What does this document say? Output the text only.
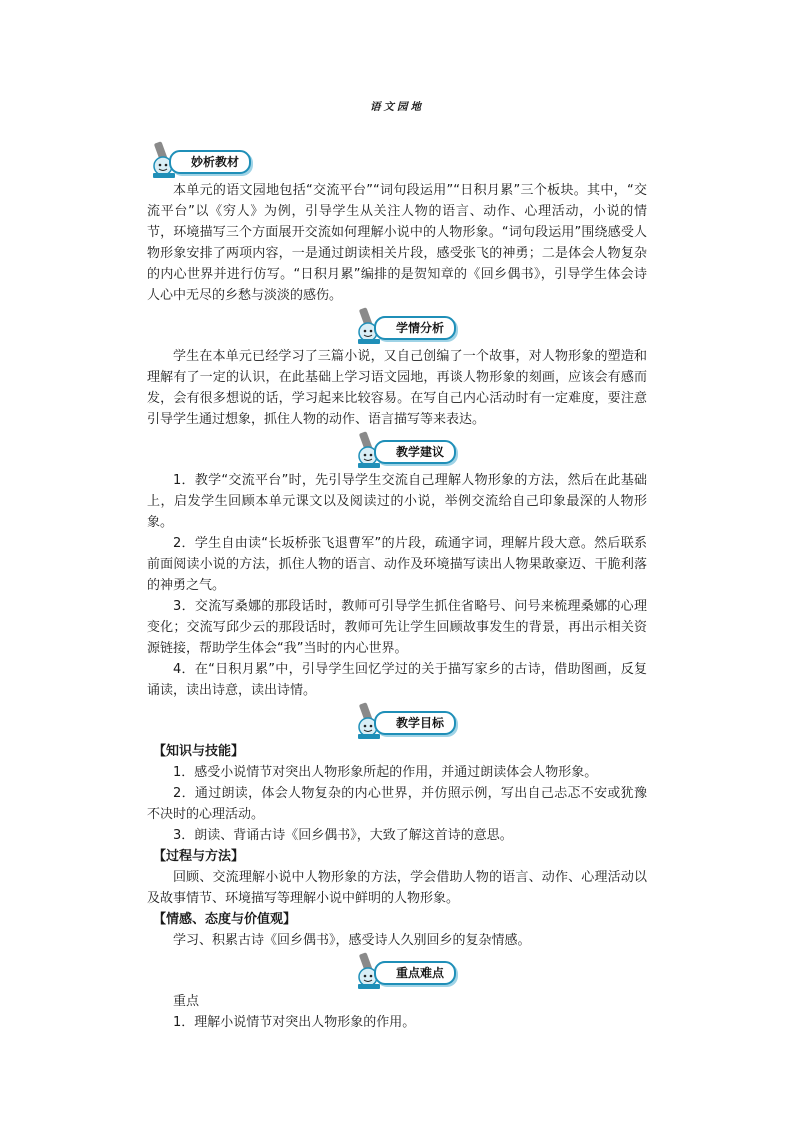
语文园地
妙析教材

本单元的语文园地包括“交流平台”“词句段运用”“日积月累”三个板块。其中，“交流平台”以《穷人》为例，引导学生从关注人物的语言、动作、心理活动，小说的情节，环境描写三个方面展开交流如何理解小说中的人物形象。“词句段运用”围绕感受人物形象安排了两项内容，一是通过朗读相关片段，感受张飞的神勇；二是体会人物复杂的内心世界并进行仿写。“日积月累”编排的是贺知章的《回乡偶书》，引导学生体会诗人心中无尽的乡愁与淡淡的感伤。

学情分析

学生在本单元已经学习了三篇小说，又自己创编了一个故事，对人物形象的塑造和理解有了一定的认识，在此基础上学习语文园地，再谈人物形象的刻画，应该会有感而发，会有很多想说的话，学习起来比较容易。在写自己内心活动时有一定难度，要注意引导学生通过想象，抓住人物的动作、语言描写等来表达。

教学建议

1．教学“交流平台”时，先引导学生交流自己理解人物形象的方法，然后在此基础上，启发学生回顾本单元课文以及阅读过的小说，举例交流给自己印象最深的人物形象。

2．学生自由读“长坂桥张飞退曹军”的片段，疏通字词，理解片段大意。然后联系前面阅读小说的方法，抓住人物的语言、动作及环境描写读出人物果敢豪迈、干脆利落的神勇之气。

3．交流写桑娜的那段话时，教师可引导学生抓住省略号、问号来梳理桑娜的心理变化；交流写邱少云的那段话时，教师可先让学生回顾故事发生的背景，再出示相关资源链接，帮助学生体会“我”当时的内心世界。

4．在“日积月累”中，引导学生回忆学过的关于描写家乡的古诗，借助图画，反复诵读，读出诗意，读出诗情。

教学目标

【知识与技能】

1．感受小说情节对突出人物形象所起的作用，并通过朗读体会人物形象。

2．通过朗读，体会人物复杂的内心世界，并仿照示例，写出自己忐忑不安或犹豫不决时的心理活动。

3．朗读、背诵古诗《回乡偶书》，大致了解这首诗的意思。

【过程与方法】

回顾、交流理解小说中人物形象的方法，学会借助人物的语言、动作、心理活动以及故事情节、环境描写等理解小说中鲜明的人物形象。

【情感、态度与价值观】

学习、积累古诗《回乡偶书》，感受诗人久别回乡的复杂情感。

重点难点

重点

1．理解小说情节对突出人物形象的作用。
